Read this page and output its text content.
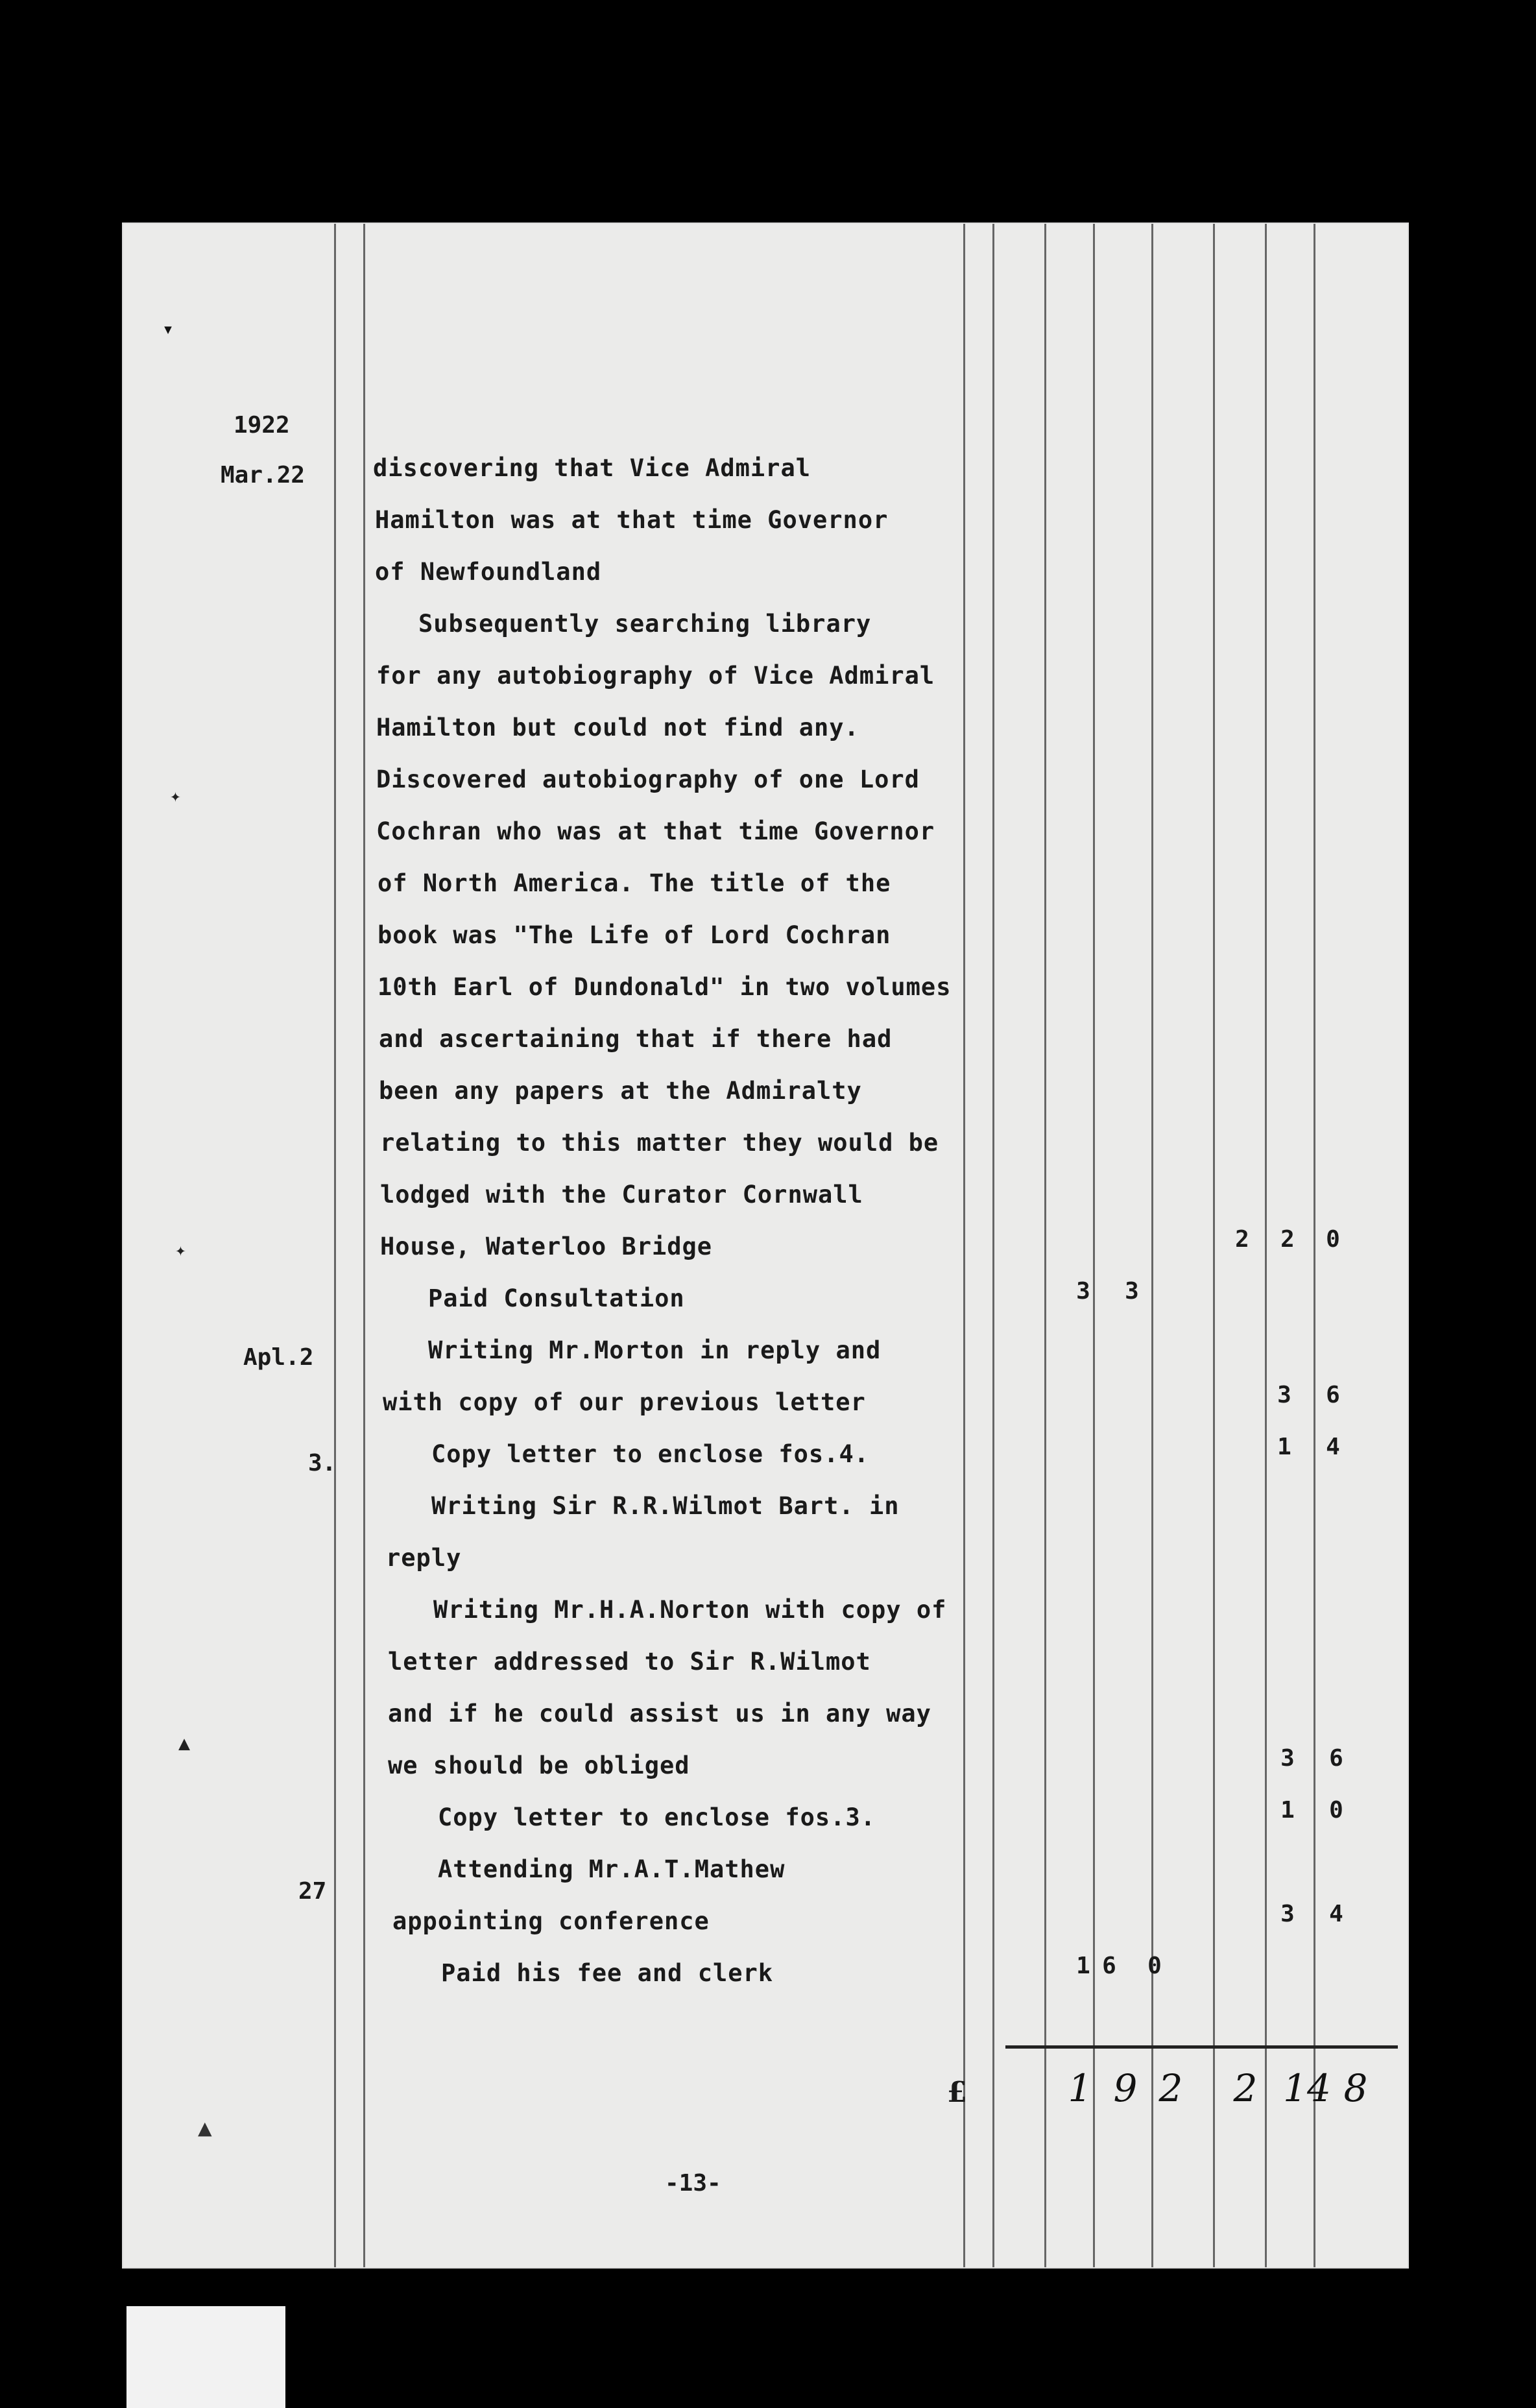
1922
Mar.22
Apl.2
3.
27
discovering that Vice Admiral
Hamilton was at that time Governor
of Newfoundland
Subsequently searching library
for any autobiography of Vice Admiral
Hamilton but could not find any.
Discovered autobiography of one Lord
Cochran who was at that time Governor
of North America. The title of the
book was "The Life of Lord Cochran
10th Earl of Dundonald" in two volumes
and ascertaining that if there had
been any papers at the Admiralty
relating to this matter they would be
lodged with the Curator Cornwall
House, Waterloo Bridge
Paid Consultation
Writing Mr.Morton in reply and
with copy of our previous letter
Copy letter to enclose fos.4.
Writing Sir R.R.Wilmot Bart. in
reply
Writing Mr.H.A.Norton with copy of
letter addressed to Sir R.Wilmot
and if he could assist us in any way
we should be obliged
Copy letter to enclose fos.3.
Attending Mr.A.T.Mathew
appointing conference
Paid his fee and clerk
2 2 0
3 3
3 6
1 4
3 6
1 0
3 4
1 6 0
£	1 9 2 2 14 8
-13-
▾
✦
✦
▲
▲
